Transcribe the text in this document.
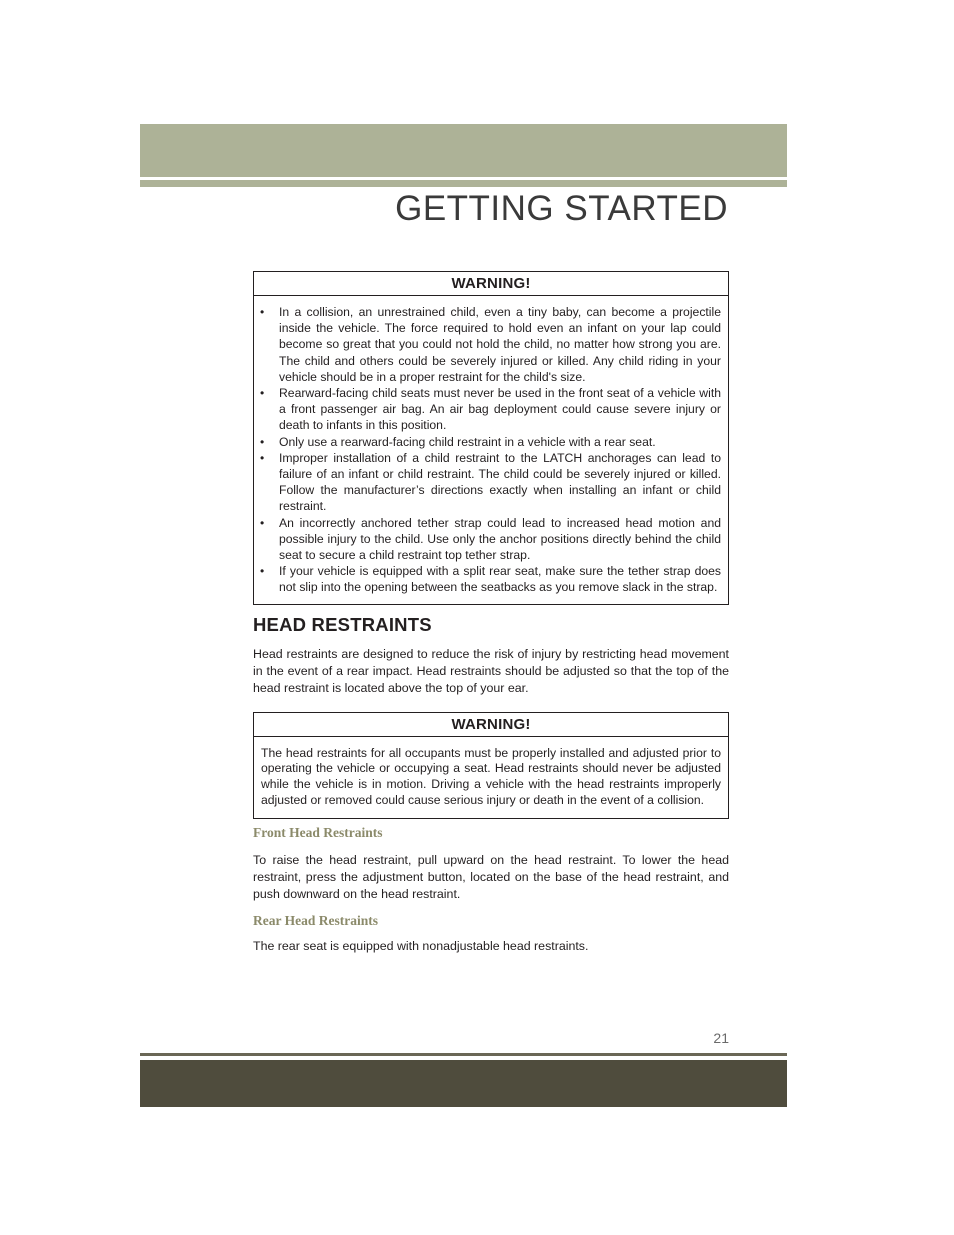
GETTING STARTED
WARNING!
• In a collision, an unrestrained child, even a tiny baby, can become a projectile inside the vehicle. The force required to hold even an infant on your lap could become so great that you could not hold the child, no matter how strong you are. The child and others could be severely injured or killed. Any child riding in your vehicle should be in a proper restraint for the child's size.
• Rearward-facing child seats must never be used in the front seat of a vehicle with a front passenger air bag. An air bag deployment could cause severe injury or death to infants in this position.
• Only use a rearward-facing child restraint in a vehicle with a rear seat.
• Improper installation of a child restraint to the LATCH anchorages can lead to failure of an infant or child restraint. The child could be severely injured or killed. Follow the manufacturer’s directions exactly when installing an infant or child restraint.
• An incorrectly anchored tether strap could lead to increased head motion and possible injury to the child. Use only the anchor positions directly behind the child seat to secure a child restraint top tether strap.
• If your vehicle is equipped with a split rear seat, make sure the tether strap does not slip into the opening between the seatbacks as you remove slack in the strap.
HEAD RESTRAINTS

Head restraints are designed to reduce the risk of injury by restricting head movement in the event of a rear impact. Head restraints should be adjusted so that the top of the head restraint is located above the top of your ear.

WARNING!

The head restraints for all occupants must be properly installed and adjusted prior to operating the vehicle or occupying a seat. Head restraints should never be adjusted while the vehicle is in motion. Driving a vehicle with the head restraints improperly adjusted or removed could cause serious injury or death in the event of a collision.

Front Head Restraints

To raise the head restraint, pull upward on the head restraint. To lower the head restraint, press the adjustment button, located on the base of the head restraint, and push downward on the head restraint.

Rear Head Restraints

The rear seat is equipped with nonadjustable head restraints.

21
